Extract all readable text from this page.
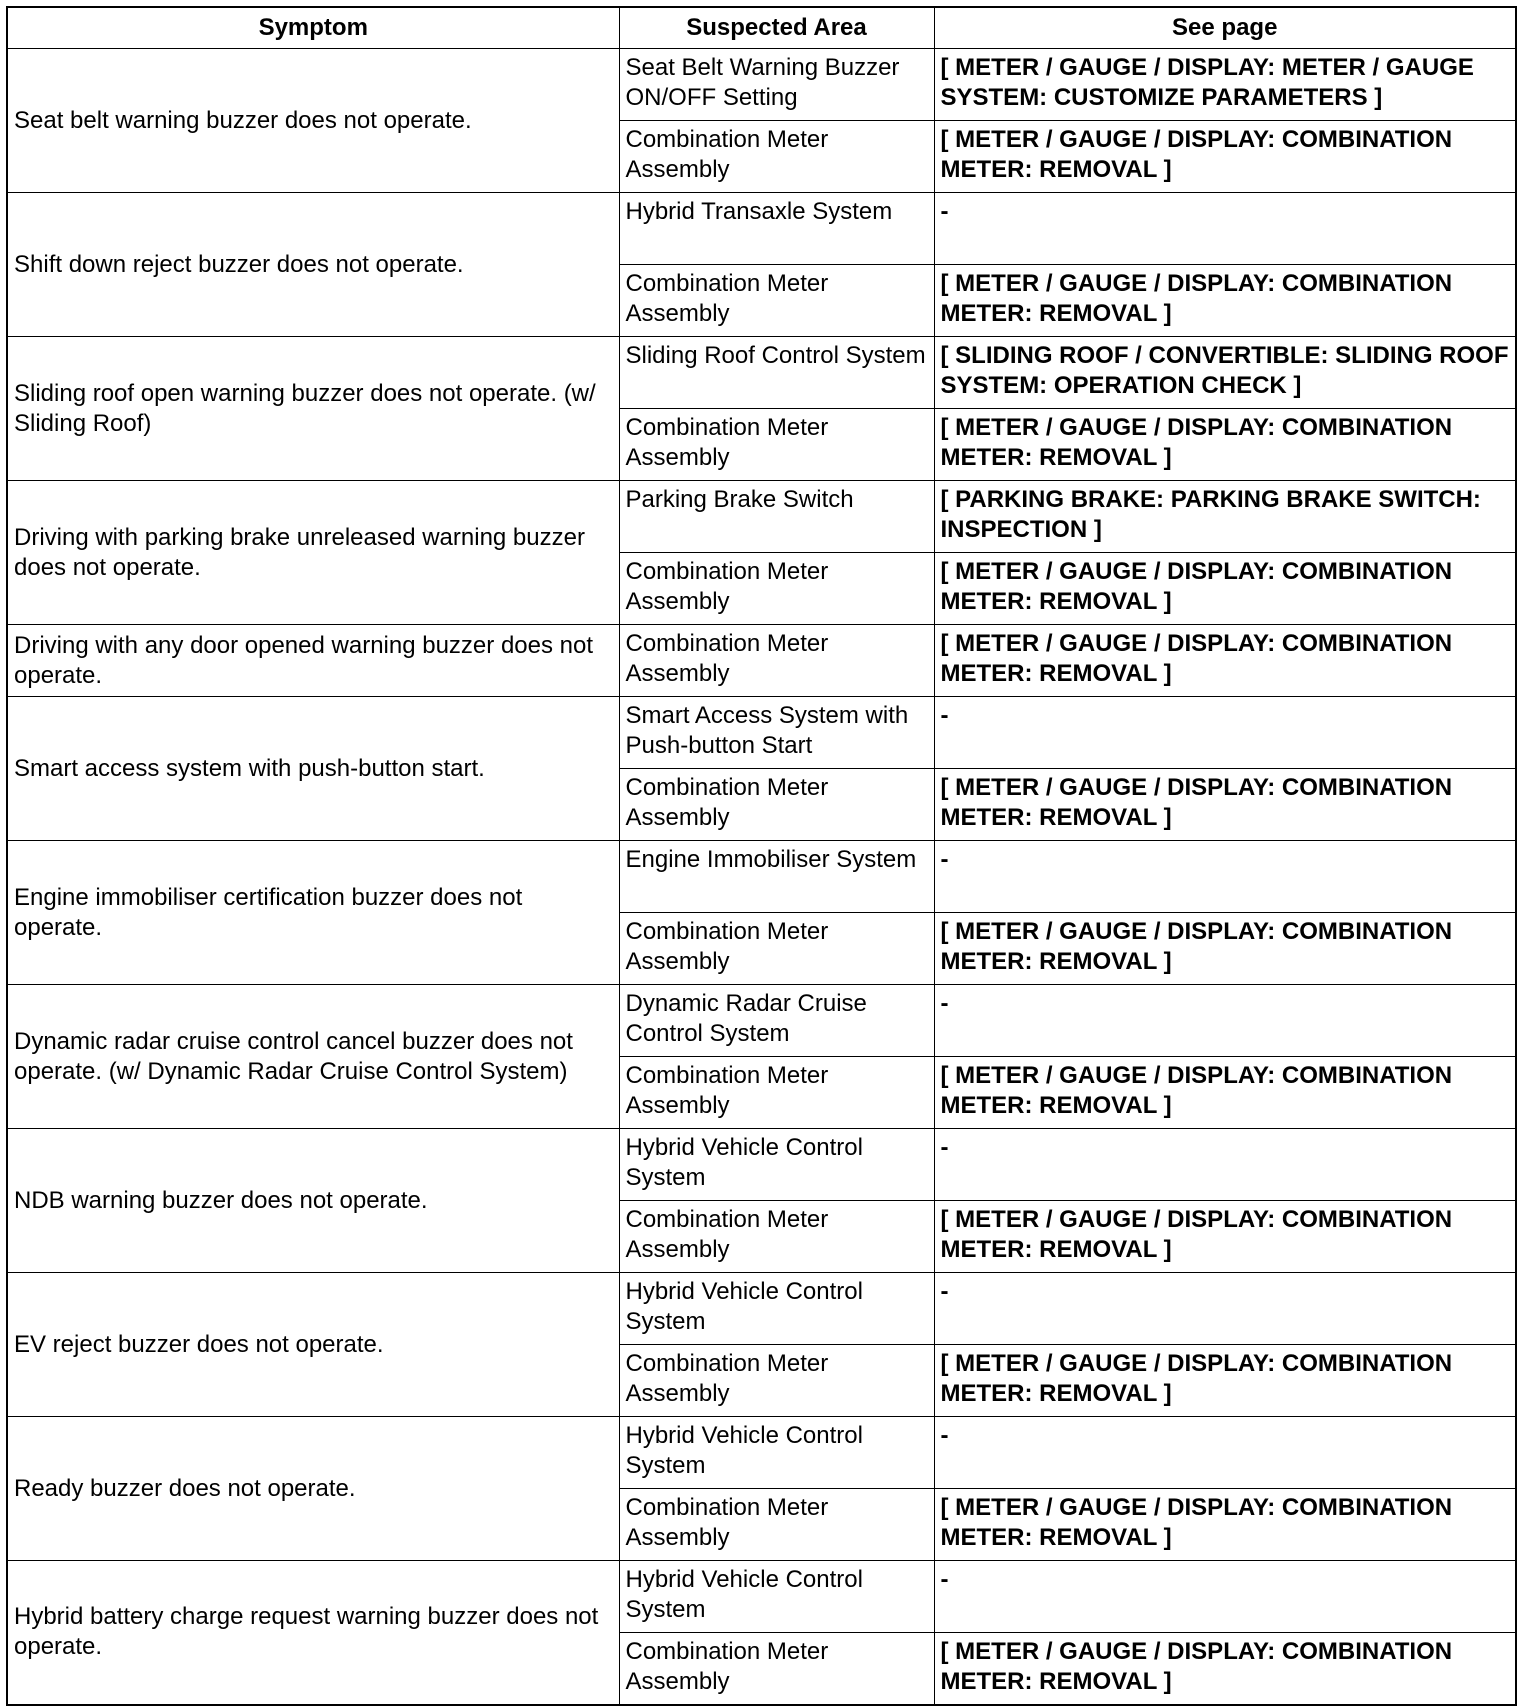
Symptom	Suspected Area	See page
Seat belt warning buzzer does not operate.	Seat Belt Warning Buzzer ON/OFF Setting	[ METER / GAUGE / DISPLAY: METER / GAUGE SYSTEM: CUSTOMIZE PARAMETERS ]
	Combination Meter Assembly	[ METER / GAUGE / DISPLAY: COMBINATION METER: REMOVAL ]
Shift down reject buzzer does not operate.	Hybrid Transaxle System	-
	Combination Meter Assembly	[ METER / GAUGE / DISPLAY: COMBINATION METER: REMOVAL ]
Sliding roof open warning buzzer does not operate. (w/ Sliding Roof)	Sliding Roof Control System	[ SLIDING ROOF / CONVERTIBLE: SLIDING ROOF SYSTEM: OPERATION CHECK ]
	Combination Meter Assembly	[ METER / GAUGE / DISPLAY: COMBINATION METER: REMOVAL ]
Driving with parking brake unreleased warning buzzer does not operate.	Parking Brake Switch	[ PARKING BRAKE: PARKING BRAKE SWITCH: INSPECTION ]
	Combination Meter Assembly	[ METER / GAUGE / DISPLAY: COMBINATION METER: REMOVAL ]
Driving with any door opened warning buzzer does not operate.	Combination Meter Assembly	[ METER / GAUGE / DISPLAY: COMBINATION METER: REMOVAL ]
Smart access system with push-button start.	Smart Access System with Push-button Start	-
	Combination Meter Assembly	[ METER / GAUGE / DISPLAY: COMBINATION METER: REMOVAL ]
Engine immobiliser certification buzzer does not operate.	Engine Immobiliser System	-
	Combination Meter Assembly	[ METER / GAUGE / DISPLAY: COMBINATION METER: REMOVAL ]
Dynamic radar cruise control cancel buzzer does not operate. (w/ Dynamic Radar Cruise Control System)	Dynamic Radar Cruise Control System	-
	Combination Meter Assembly	[ METER / GAUGE / DISPLAY: COMBINATION METER: REMOVAL ]
NDB warning buzzer does not operate.	Hybrid Vehicle Control System	-
	Combination Meter Assembly	[ METER / GAUGE / DISPLAY: COMBINATION METER: REMOVAL ]
EV reject buzzer does not operate.	Hybrid Vehicle Control System	-
	Combination Meter Assembly	[ METER / GAUGE / DISPLAY: COMBINATION METER: REMOVAL ]
Ready buzzer does not operate.	Hybrid Vehicle Control System	-
	Combination Meter Assembly	[ METER / GAUGE / DISPLAY: COMBINATION METER: REMOVAL ]
Hybrid battery charge request warning buzzer does not operate.	Hybrid Vehicle Control System	-
	Combination Meter Assembly	[ METER / GAUGE / DISPLAY: COMBINATION METER: REMOVAL ]
